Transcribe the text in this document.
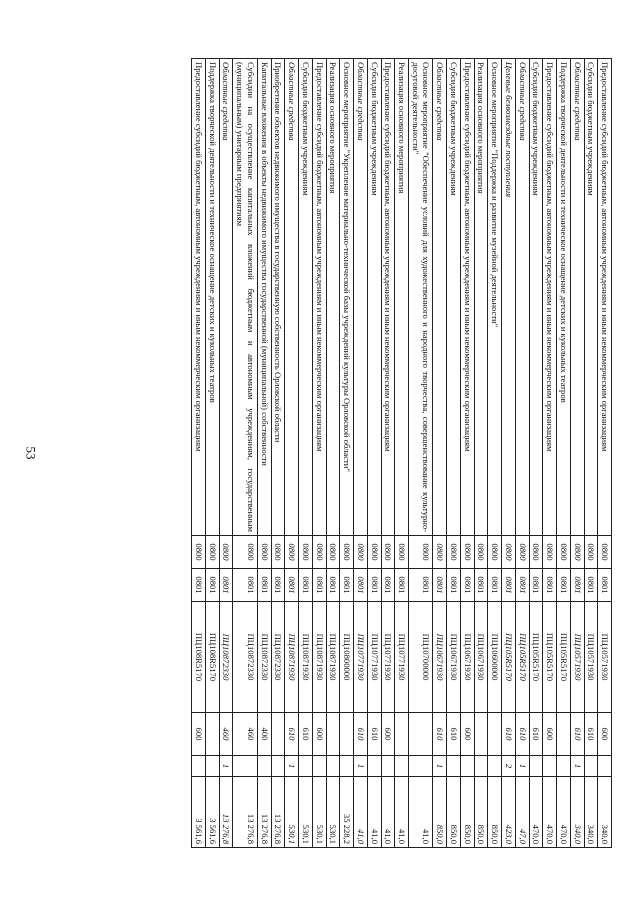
53
Предоставление субсидий бюджетным, автономным учреждениям и иным некоммерческим организациям	0800	0801	ПЦ10571930	600		340,0
Субсидии бюджетным учреждениям	0800	0801	ПЦ10571930	610		340,0
Областные средства	0800	0801	ПЦ10571930	610	1	340,0
Поддержка творческой деятельности и техническое оснащение детских и кукольных театров	0800	0801	ПЦ105R5170			470,0
Предоставление субсидий бюджетным, автономным учреждениям и иным некоммерческим организациям	0800	0801	ПЦ105R5170	600		470,0
Субсидии бюджетным учреждениям	0800	0801	ПЦ105R5170	610		470,0
Областные средства	0800	0801	ПЦ105R5170	610	1	47,0
Целевые безвозмездные поступления	0800	0801	ПЦ105R5170	610	2	423,0
Основное мероприятие "Поддержка и развитие музейной деятельности"	0800	0801	ПЦ10600000			850,0
Реализация основного мероприятия	0800	0801	ПЦ10671930			850,0
Предоставление субсидий бюджетным, автономным учреждениям и иным некоммерческим организациям	0800	0801	ПЦ10671930	600		850,0
Субсидии бюджетным учреждениям	0800	0801	ПЦ10671930	610		850,0
Областные средства	0800	0801	ПЦ10671930	610	1	850,0
Основное мероприятие "Обеспечение условий для художественного и народного творчества, совершенствование культурно-досуговой деятельности"	0800	0801	ПЦ10700000			41,0
Реализация основного мероприятия	0800	0801	ПЦ10771930			41,0
Предоставление субсидий бюджетным, автономным учреждениям и иным некоммерческим организациям	0800	0801	ПЦ10771930	600		41,0
Субсидии бюджетным учреждениям	0800	0801	ПЦ10771930	610		41,0
Областные средства	0800	0801	ПЦ10771930	610	1	41,0
Основное мероприятие "Укрепление материально-технической базы учреждений культуры Орловской области"	0800	0801	ПЦ10800000			35 228,2
Реализация основного мероприятия	0800	0801	ПЦ10871930			530,1
Предоставление субсидий бюджетным, автономным учреждениям и иным некоммерческим организациям	0800	0801	ПЦ10871930	600		530,1
Субсидии бюджетным учреждениям	0800	0801	ПЦ10871930	610		530,1
Областные средства	0800	0801	ПЦ10871930	610	1	530,1
Приобретение объектов недвижимого имущества в государственную собственность Орловской области	0800	0801	ПЦ10872330			13 276,8
Капитальные вложения в объекты недвижимого имущества государственной (муниципальной) собственности	0800	0801	ПЦ10872330	400		13 276,8
Субсидии на осуществление капитальных вложений бюджетным и автономным учреждениям, государственным (муниципальным) унитарным предприятиям	0800	0801	ПЦ10872330	460		13 276,8
Областные средства	0800	0801	ПЦ10872330	460	1	13 276,8
Поддержка творческой деятельности и техническое оснащение детских и кукольных театров	0800	0801	ПЦ108R5170			3 561,6
Предоставление субсидий бюджетным, автономным учреждениям и иным некоммерческим организациям	0800	0801	ПЦ108R5170	600		3 561,6
